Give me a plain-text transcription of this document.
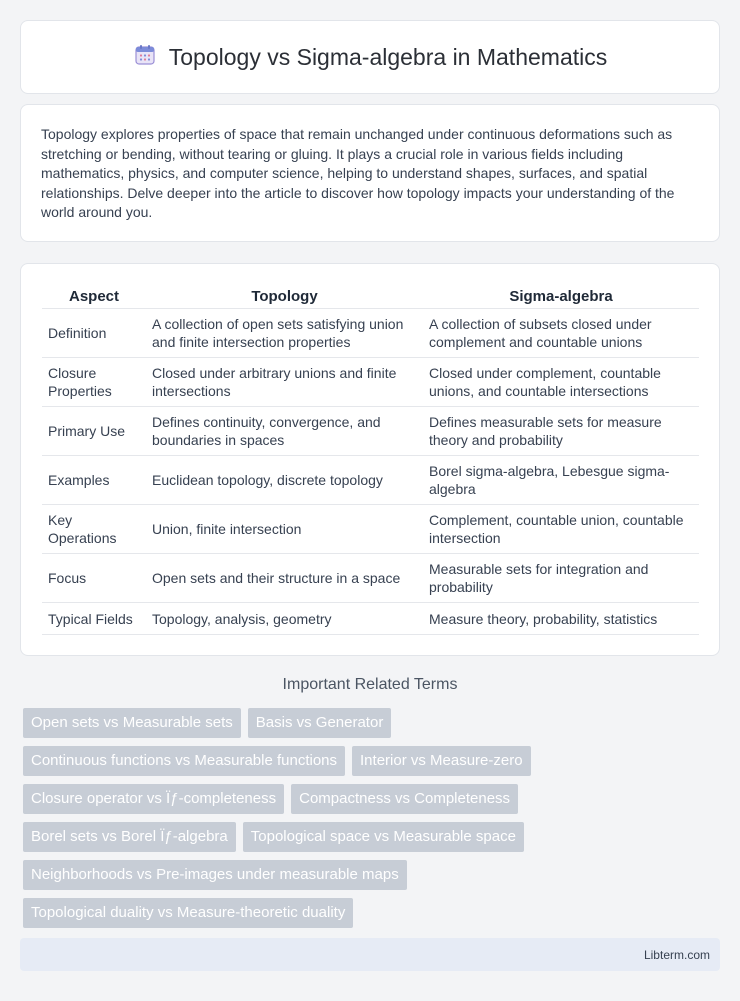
Topology vs Sigma-algebra in Mathematics

Topology explores properties of space that remain unchanged under continuous deformations such as stretching or bending, without tearing or gluing. It plays a crucial role in various fields including mathematics, physics, and computer science, helping to understand shapes, surfaces, and spatial relationships. Delve deeper into the article to discover how topology impacts your understanding of the world around you.

Aspect	Topology	Sigma-algebra
Definition	A collection of open sets satisfying union and finite intersection properties	A collection of subsets closed under complement and countable unions
Closure Properties	Closed under arbitrary unions and finite intersections	Closed under complement, countable unions, and countable intersections
Primary Use	Defines continuity, convergence, and boundaries in spaces	Defines measurable sets for measure theory and probability
Examples	Euclidean topology, discrete topology	Borel sigma-algebra, Lebesgue sigma-algebra
Key Operations	Union, finite intersection	Complement, countable union, countable intersection
Focus	Open sets and their structure in a space	Measurable sets for integration and probability
Typical Fields	Topology, analysis, geometry	Measure theory, probability, statistics
Important Related Terms
Open sets vs Measurable sets	Basis vs Generator
Continuous functions vs Measurable functions	Interior vs Measure-zero
Closure operator vs Ïƒ-completeness	Compactness vs Completeness
Borel sets vs Borel Ïƒ-algebra	Topological space vs Measurable space
Neighborhoods vs Pre-images under measurable maps
Topological duality vs Measure-theoretic duality
Libterm.com
